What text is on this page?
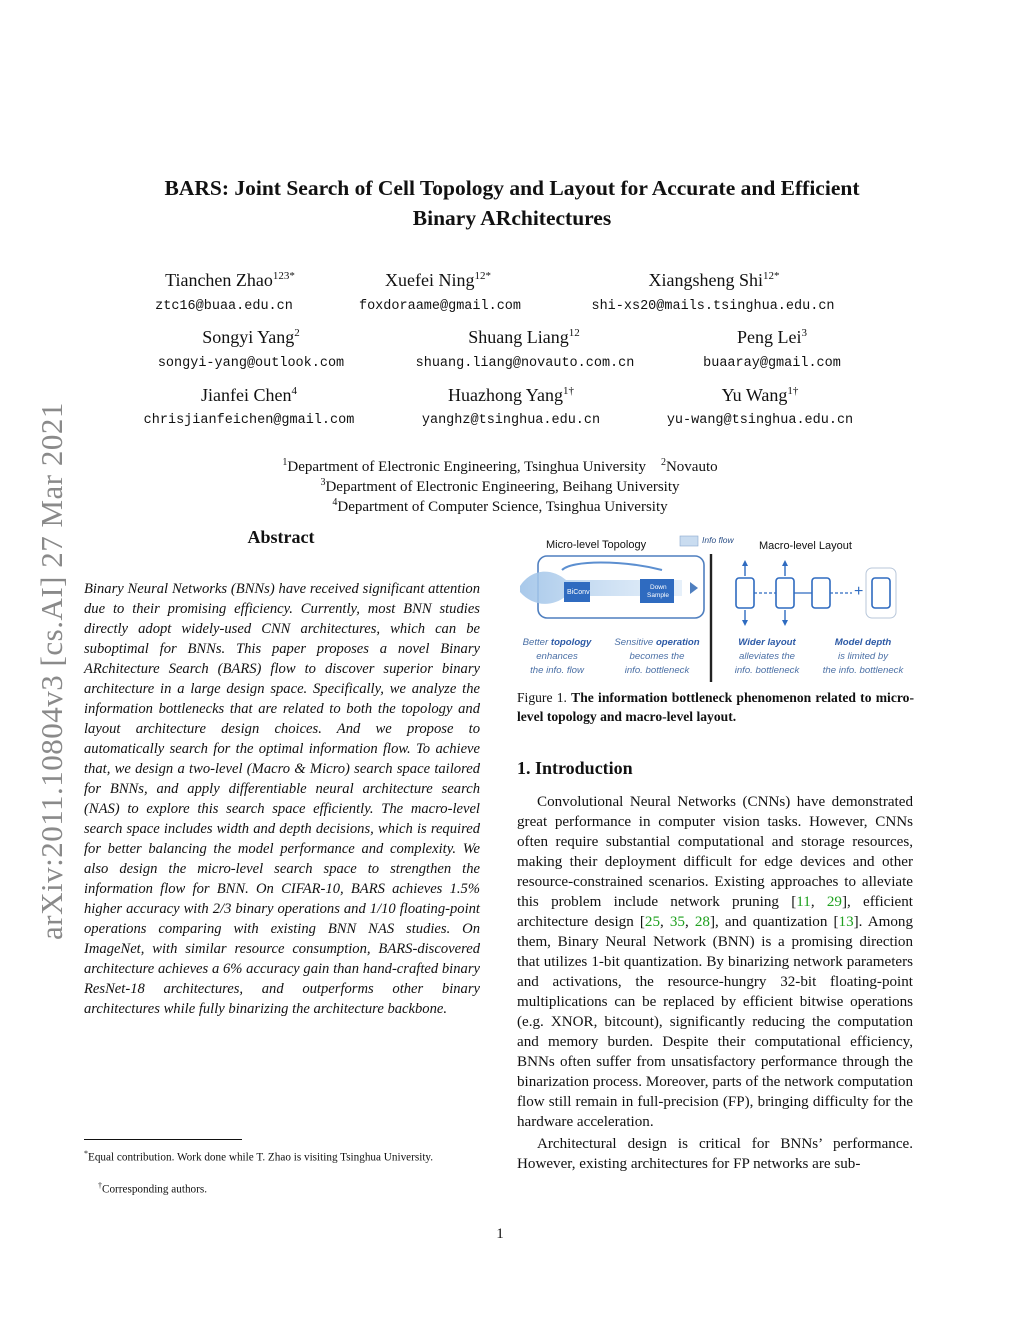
arXiv:2011.10804v3 [cs.AI] 27 Mar 2021
BARS: Joint Search of Cell Topology and Layout for Accurate and Efficient
Binary ARchitectures
Tianchen Zhao$^{123*}$
ztc16@buaa.edu.cn
Xuefei Ning$^{12*}$
foxdoraame@gmail.com
Xiangsheng Shi$^{12*}$
shi-xs20@mails.tsinghua.edu.cn
Songyi Yang$^2$
songyi-yang@outlook.com
Shuang Liang$^{12}$
shuang.liang@novauto.com.cn
Peng Lei$^3$
buaaray@gmail.com
Jianfei Chen$^4$
chrisjianfeichen@gmail.com
Huazhong Yang$^{1\dagger}$
yanghz@tsinghua.edu.cn
Yu Wang$^{1\dagger}$
yu-wang@tsinghua.edu.cn
$^1$Department of Electronic Engineering, Tsinghua University $^2$Novauto
$^3$Department of Electronic Engineering, Beihang University
$^4$Department of Computer Science, Tsinghua University
Abstract
Binary Neural Networks (BNNs) have received significant attention due to their promising efficiency. Currently, most BNN studies directly adopt widely-used CNN architectures, which can be suboptimal for BNNs. This paper proposes a novel Binary ARchitecture Search (BARS) flow to discover superior binary architecture in a large design space. Specifically, we analyze the information bottlenecks that are related to both the topology and layout architecture design choices. And we propose to automatically search for the optimal information flow. To achieve that, we design a two-level (Macro & Micro) search space tailored for BNNs, and apply differentiable neural architecture search (NAS) to explore this search space efficiently. The macro-level search space includes width and depth decisions, which is required for better balancing the model performance and complexity. We also design the micro-level search space to strengthen the information flow for BNN. On CIFAR-10, BARS achieves 1.5% higher accuracy with 2/3 binary operations and 1/10 floating-point operations comparing with existing BNN NAS studies. On ImageNet, with similar resource consumption, BARS-discovered architecture achieves a 6% accuracy gain than hand-crafted binary ResNet-18 architectures, and outperforms other binary architectures while fully binarizing the architecture backbone.
*Equal contribution. Work done while T. Zhao is visiting Tsinghua University.
†Corresponding authors.
Micro-level Topology	Info flow Macro-level Layout
BiConv
Down
Sample	+
Better topology
enhances
the info. flow
Sensitive operation
becomes the
info. bottleneck
Wider layout
alleviates the
info. bottleneck
Model depth
is limited by
the info. bottleneck
Figure 1. The information bottleneck phenomenon related to micro-level topology and macro-level layout.
1. Introduction

Convolutional Neural Networks (CNNs) have demonstrated great performance in computer vision tasks. However, CNNs often require substantial computational and storage resources, making their deployment difficult for edge devices and other resource-constrained scenarios. Existing approaches to alleviate this problem include network pruning [11, 29], efficient architecture design [25, 35, 28], and quantization [13]. Among them, Binary Neural Network (BNN) is a promising direction that utilizes 1-bit quantization. By binarizing network parameters and activations, the resource-hungry 32-bit floating-point multiplications can be replaced by efficient bitwise operations (e.g. XNOR, bitcount), significantly reducing the computation and memory burden. Despite their computational efficiency, BNNs often suffer from unsatisfactory performance through the binarization process. Moreover, parts of the network computation flow still remain in full-precision (FP), bringing difficulty for the hardware acceleration.

Architectural design is critical for BNNs’ performance. However, existing architectures for FP networks are sub-

1
